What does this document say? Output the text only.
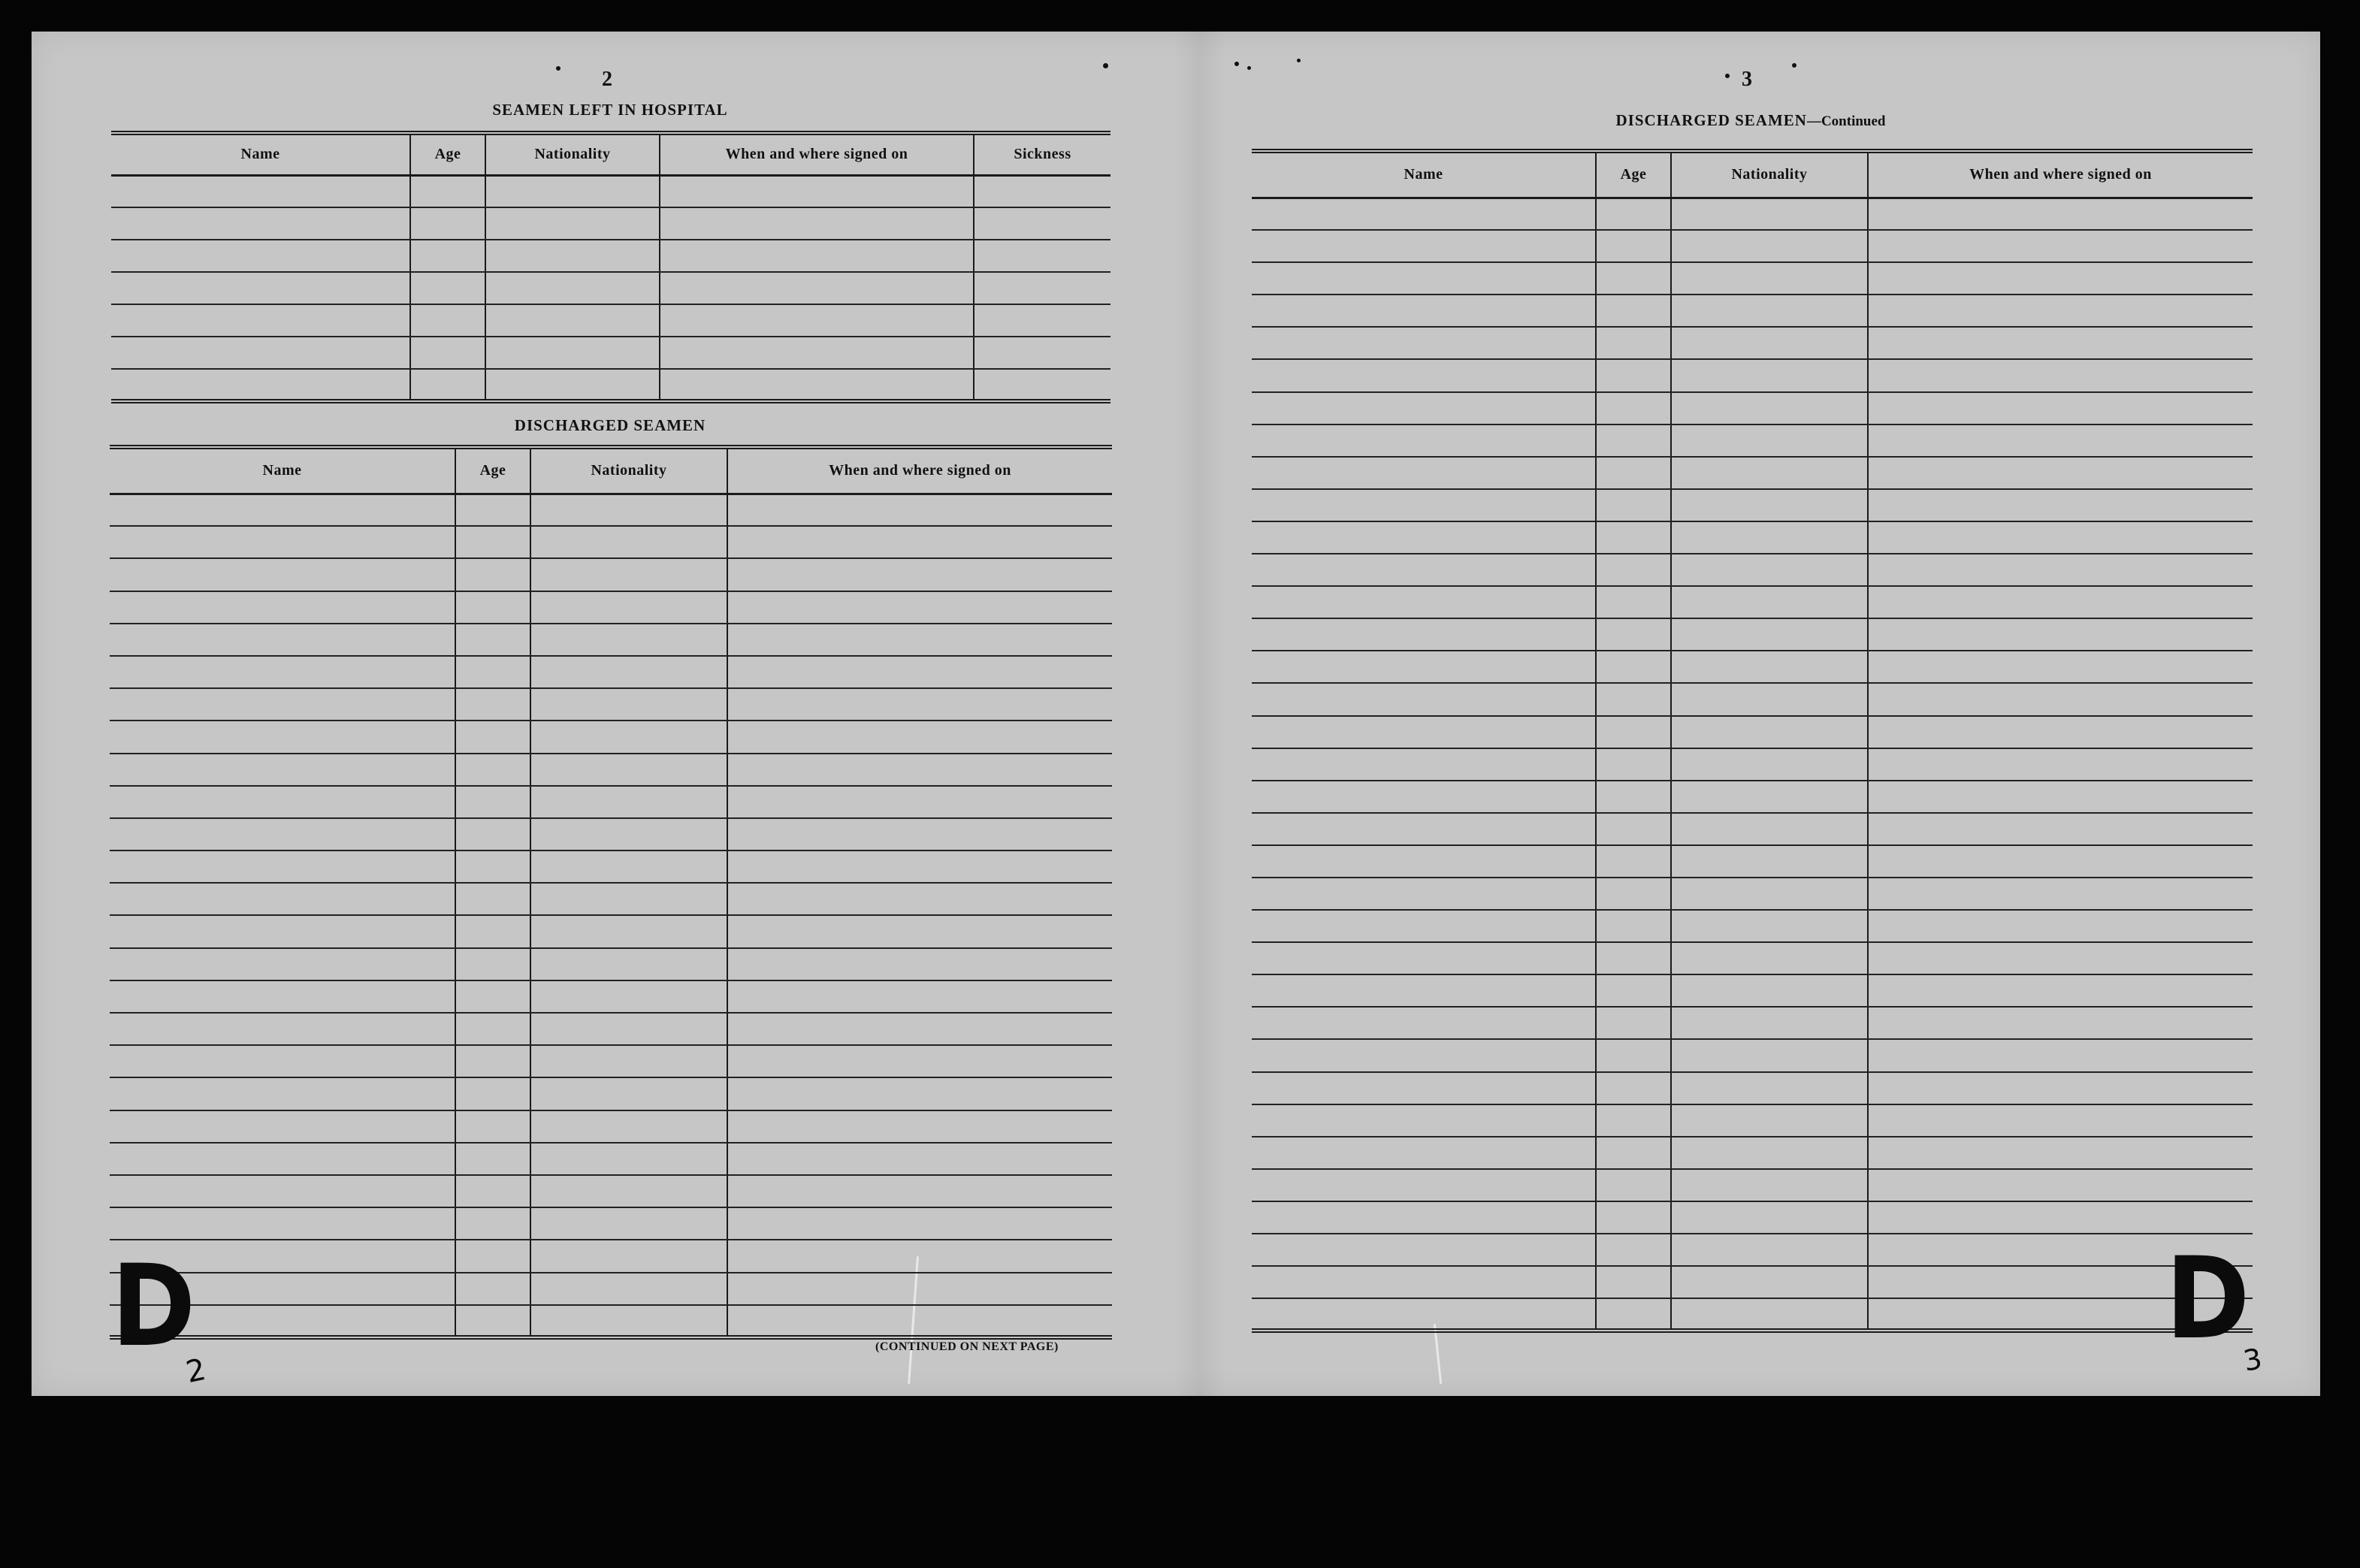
2
SEAMEN LEFT IN HOSPITAL
Name	Age	Nationality	When and where signed on	Sickness

DISCHARGED SEAMEN
Name	Age	Nationality	When and where signed on

(CONTINUED ON NEXT PAGE)
D
2
3
DISCHARGED SEAMEN—Continued
Name	Age	Nationality	When and where signed on

D
3
